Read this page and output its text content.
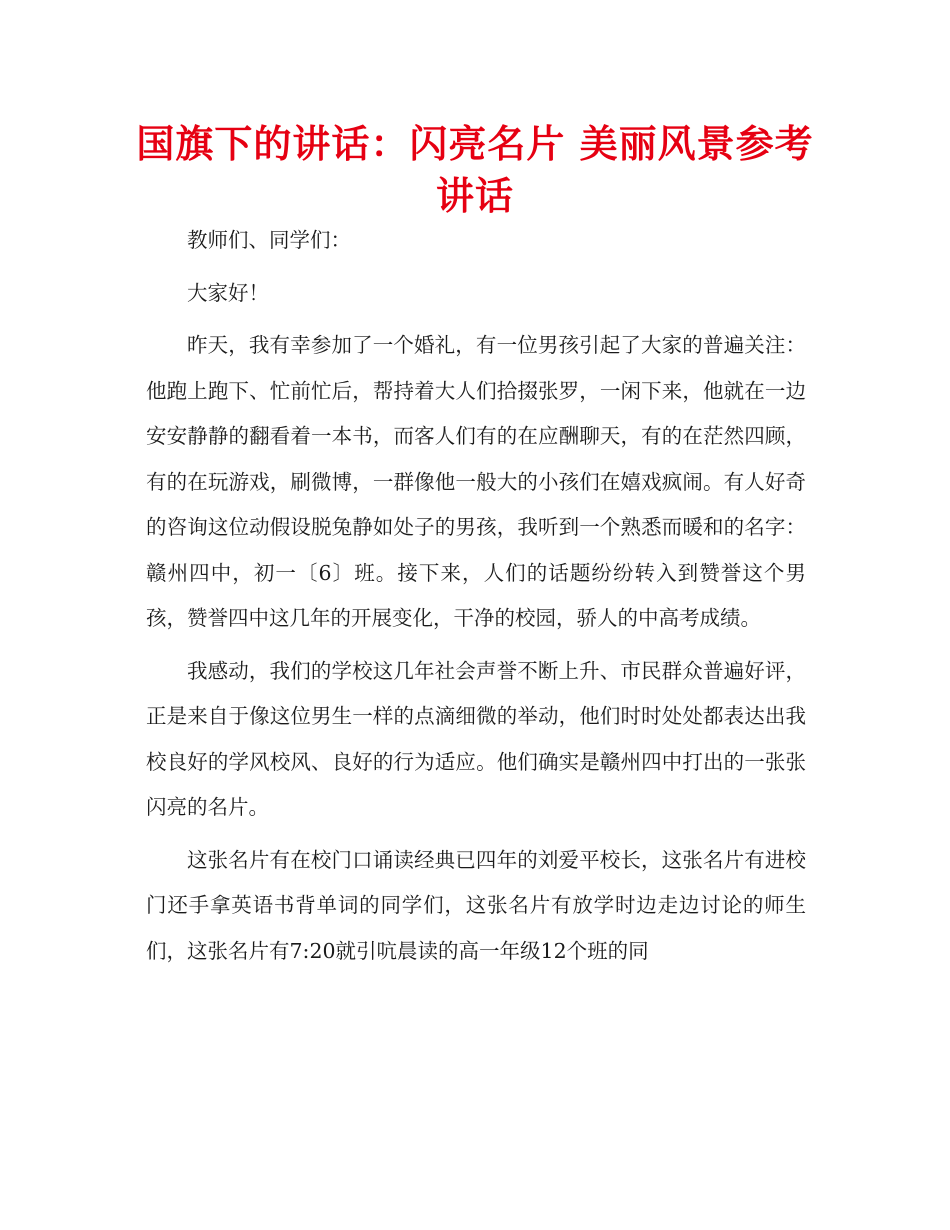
国旗下的讲话：闪亮名片 美丽风景参考讲话

教师们、同学们：

大家好！

昨天，我有幸参加了一个婚礼，有一位男孩引起了大家的普遍关注：他跑上跑下、忙前忙后，帮持着大人们拾掇张罗，一闲下来，他就在一边安安静静的翻看着一本书，而客人们有的在应酬聊天，有的在茫然四顾，有的在玩游戏，刷微博，一群像他一般大的小孩们在嬉戏疯闹。有人好奇的咨询这位动假设脱兔静如处子的男孩，我听到一个熟悉而暖和的名字：赣州四中，初一〔6〕班。接下来，人们的话题纷纷转入到赞誉这个男孩，赞誉四中这几年的开展变化，干净的校园，骄人的中高考成绩。

我感动，我们的学校这几年社会声誉不断上升、市民群众普遍好评，正是来自于像这位男生一样的点滴细微的举动，他们时时处处都表达出我校良好的学风校风、良好的行为适应。他们确实是赣州四中打出的一张张闪亮的名片。

这张名片有在校门口诵读经典已四年的刘爱平校长，这张名片有进校门还手拿英语书背单词的同学们，这张名片有放学时边走边讨论的师生们，这张名片有7:20就引吭晨读的高一年级12个班的同
